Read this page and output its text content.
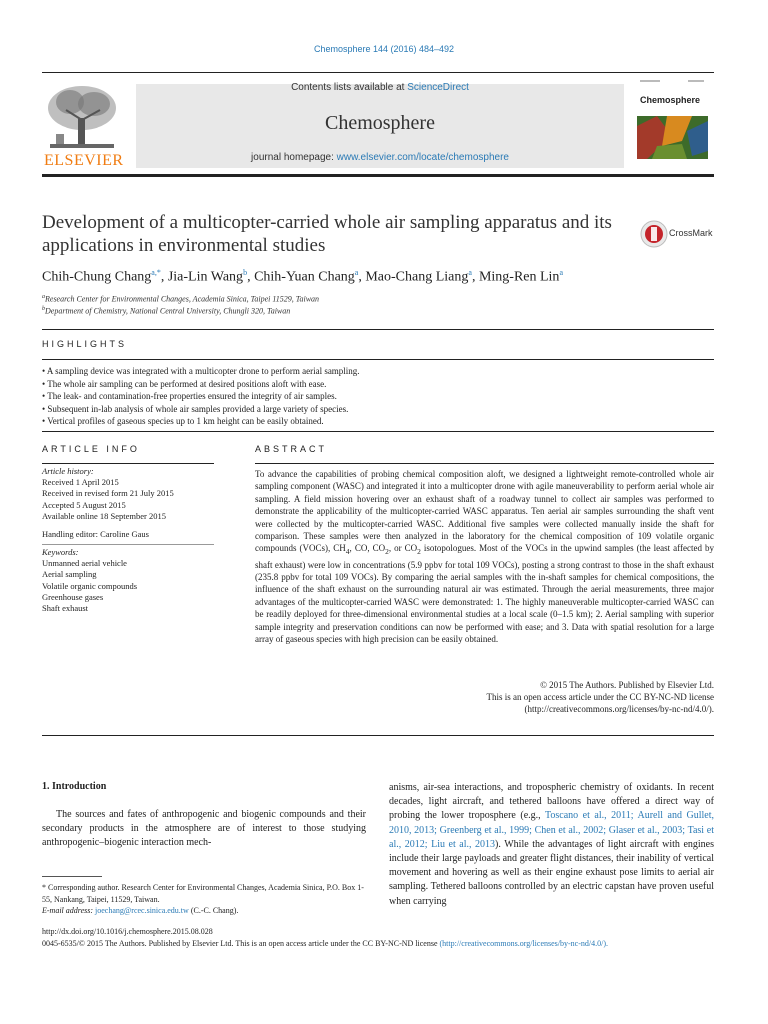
Chemosphere 144 (2016) 484–492
Contents lists available at ScienceDirect
Chemosphere
journal homepage: www.elsevier.com/locate/chemosphere
ELSEVIER
Chemosphere
Development of a multicopter-carried whole air sampling apparatus and its applications in environmental studies
CrossMark
Chih-Chung Chang$^{a,*}$, Jia-Lin Wang$^b$, Chih-Yuan Chang$^a$, Mao-Chang Liang$^a$, Ming-Ren Lin$^a$
$^a$Research Center for Environmental Changes, Academia Sinica, Taipei 11529, Taiwan
$^b$Department of Chemistry, National Central University, Chungli 320, Taiwan
HIGHLIGHTS
• A sampling device was integrated with a multicopter drone to perform aerial sampling.
• The whole air sampling can be performed at desired positions aloft with ease.
• The leak- and contamination-free properties ensured the integrity of air samples.
• Subsequent in-lab analysis of whole air samples provided a large variety of species.
• Vertical profiles of gaseous species up to 1 km height can be easily obtained.
ARTICLE INFO
Article history:
Received 1 April 2015
Received in revised form 21 July 2015
Accepted 5 August 2015
Available online 18 September 2015
Handling editor: Caroline Gaus
Keywords:
Unmanned aerial vehicle
Aerial sampling
Volatile organic compounds
Greenhouse gases
Shaft exhaust
ABSTRACT
To advance the capabilities of probing chemical composition aloft, we designed a lightweight remote-controlled whole air sampling component (WASC) and integrated it into a multicopter drone with agile maneuverability to perform aerial whole air sampling. A field mission hovering over an exhaust shaft of a roadway tunnel to collect air samples was performed to demonstrate the applicability of the multicopter-carried WASC apparatus. Ten aerial air samples surrounding the shaft vent were collected by the multicopter-carried WASC. Additional five samples were collected manually inside the shaft for comparison. These samples were then analyzed in the laboratory for the chemical composition of 109 volatile organic compounds (VOCs), $CH_4$, CO, $CO_2$, or $CO_2$ isotopologues. Most of the VOCs in the upwind samples (the least affected by shaft exhaust) were low in concentrations (5.9 ppbv for total 109 VOCs), posting a strong contrast to those in the shaft exhaust (235.8 ppbv for total 109 VOCs). By comparing the aerial samples with the in-shaft samples for chemical compositions, the influence of the shaft exhaust on the surrounding natural air was estimated. Through the aerial measurements, three major advantages of the multicopter-carried WASC were demonstrated: 1. The highly maneuverable multicopter-carried WASC can be readily deployed for three-dimensional environmental studies at a local scale (0–1.5 km); 2. Aerial sampling with superior sample integrity and preservation conditions can now be performed with ease; and 3. Data with spatial resolution for a large array of gaseous species with high precision can be easily obtained.
© 2015 The Authors. Published by Elsevier Ltd.
This is an open access article under the CC BY-NC-ND license
(http://creativecommons.org/licenses/by-nc-nd/4.0/).
1. Introduction
The sources and fates of anthropogenic and biogenic compounds and their secondary products in the atmosphere are of interest to those studying anthropogenic–biogenic interaction mech-
anisms, air-sea interactions, and tropospheric chemistry of oxidants. In recent decades, light aircraft, and tethered balloons have offered a direct way of probing the lower troposphere (e.g., Toscano et al., 2011; Aurell and Gullet, 2010, 2013; Greenberg et al., 1999; Chen et al., 2002; Glaser et al., 2003; Tasi et al., 2012; Liu et al., 2013). While the advantages of light aircraft with engines include their large payloads and greater flight distances, their inability of vertical movement and hovering as well as their engine exhaust pose limits to aerial air sampling. Tethered balloons controlled by an electric capstan have proven useful when carrying
* Corresponding author. Research Center for Environmental Changes, Academia Sinica, P.O. Box 1-55, Nankang, Taipei, 11529, Taiwan.
E-mail address: joechang@rcec.sinica.edu.tw (C.-C. Chang).
http://dx.doi.org/10.1016/j.chemosphere.2015.08.028
0045-6535/© 2015 The Authors. Published by Elsevier Ltd. This is an open access article under the CC BY-NC-ND license (http://creativecommons.org/licenses/by-nc-nd/4.0/).
